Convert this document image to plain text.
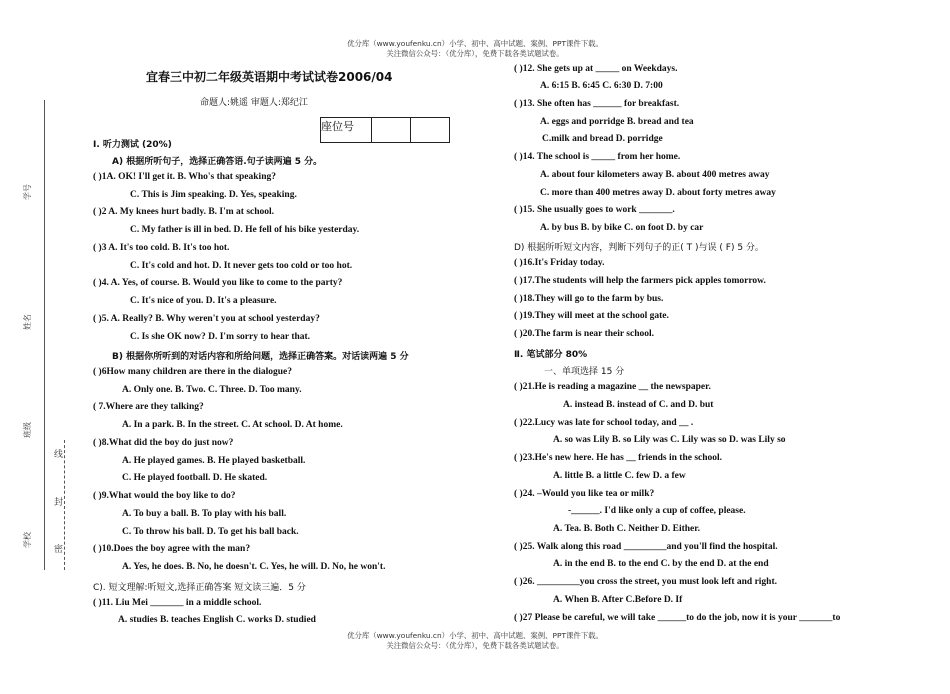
优分库（www.youfenku.cn）小学、初中、高中试题、案例、PPT课件下载。
关注微信公众号：（优分库），免费下载各类试题试卷。
优分库（www.youfenku.cn）小学、初中、高中试题、案例、PPT课件下载。
关注微信公众号：（优分库），免费下载各类试题试卷。
学号
姓名
班级
学校
线
封
密
宜春三中初二年级英语期中考试试卷2006/04
命题人:姚遥 审题人:郑纪江
座位号		
Ⅰ. 听力测试 (20%)
A) 根据所听句子，选择正确答语.句子读两遍 5 分。
( )1A. OK! I'll get it. B. Who's that speaking?
C. This is Jim speaking. D. Yes, speaking.
( )2 A. My knees hurt badly. B. I'm at school.
C. My father is ill in bed. D. He fell of his bike yesterday.
( )3 A. It's too cold. B. It's too hot.
C. It's cold and hot. D. It never gets too cold or too hot.
( )4. A. Yes, of course. B. Would you like to come to the party?
C. It's nice of you. D. It's a pleasure.
( )5. A. Really? B. Why weren't you at school yesterday?
C. Is she OK now? D. I'm sorry to hear that.
B) 根据你所听到的对话内容和所给问题，选择正确答案。对话读两遍 5 分
( )6How many children are there in the dialogue?
A. Only one. B. Two. C. Three. D. Too many.
( 7.Where are they talking?
A. In a park. B. In the street. C. At school. D. At home.
( )8.What did the boy do just now?
A. He played games. B. He played basketball.
C. He played football. D. He skated.
( )9.What would the boy like to do?
A. To buy a ball. B. To play with his ball.
C. To throw his ball. D. To get his ball back.
( )10.Does the boy agree with the man?
A. Yes, he does. B. No, he doesn't. C. Yes, he will. D. No, he won't.
C). 短文理解:听短文,选择正确答案 短文读三遍．5 分
( )11. Liu Mei _______ in a middle school.
A. studies B. teaches English C. works D. studied
( )12. She gets up at _____ on Weekdays.
A. 6:15 B. 6:45 C. 6:30 D. 7:00
( )13. She often has ______ for breakfast.
A. eggs and porridge B. bread and tea
C.milk and bread D. porridge
( )14. The school is _____ from her home.
A. about four kilometers away B. about 400 metres away
C. more than 400 metres away D. about forty metres away
( )15. She usually goes to work _______.
A. by bus B. by bike C. on foot D. by car
D) 根据所听短文内容，判断下列句子的正( T )与误 ( F) 5 分。
( )16.It's Friday today.
( )17.The students will help the farmers pick apples tomorrow.
( )18.They will go to the farm by bus.
( )19.They will meet at the school gate.
( )20.The farm is near their school.
Ⅱ. 笔试部分 80%
一、单项选择 15 分
( )21.He is reading a magazine __ the newspaper.
A. instead B. instead of C. and D. but
( )22.Lucy was late for school today, and __ .
A. so was Lily B. so Lily was C. Lily was so D. was Lily so
( )23.He's new here. He has __ friends in the school.
A. little B. a little C. few D. a few
( )24. –Would you like tea or milk?
-______. I'd like only a cup of coffee, please.
A. Tea. B. Both C. Neither D. Either.
( )25. Walk along this road _________and you'll find the hospital.
A. in the end B. to the end C. by the end D. at the end
( )26. _________you cross the street, you must look left and right.
A. When B. After C.Before D. If
( )27 Please be careful, we will take ______to do the job, now it is your _______to
